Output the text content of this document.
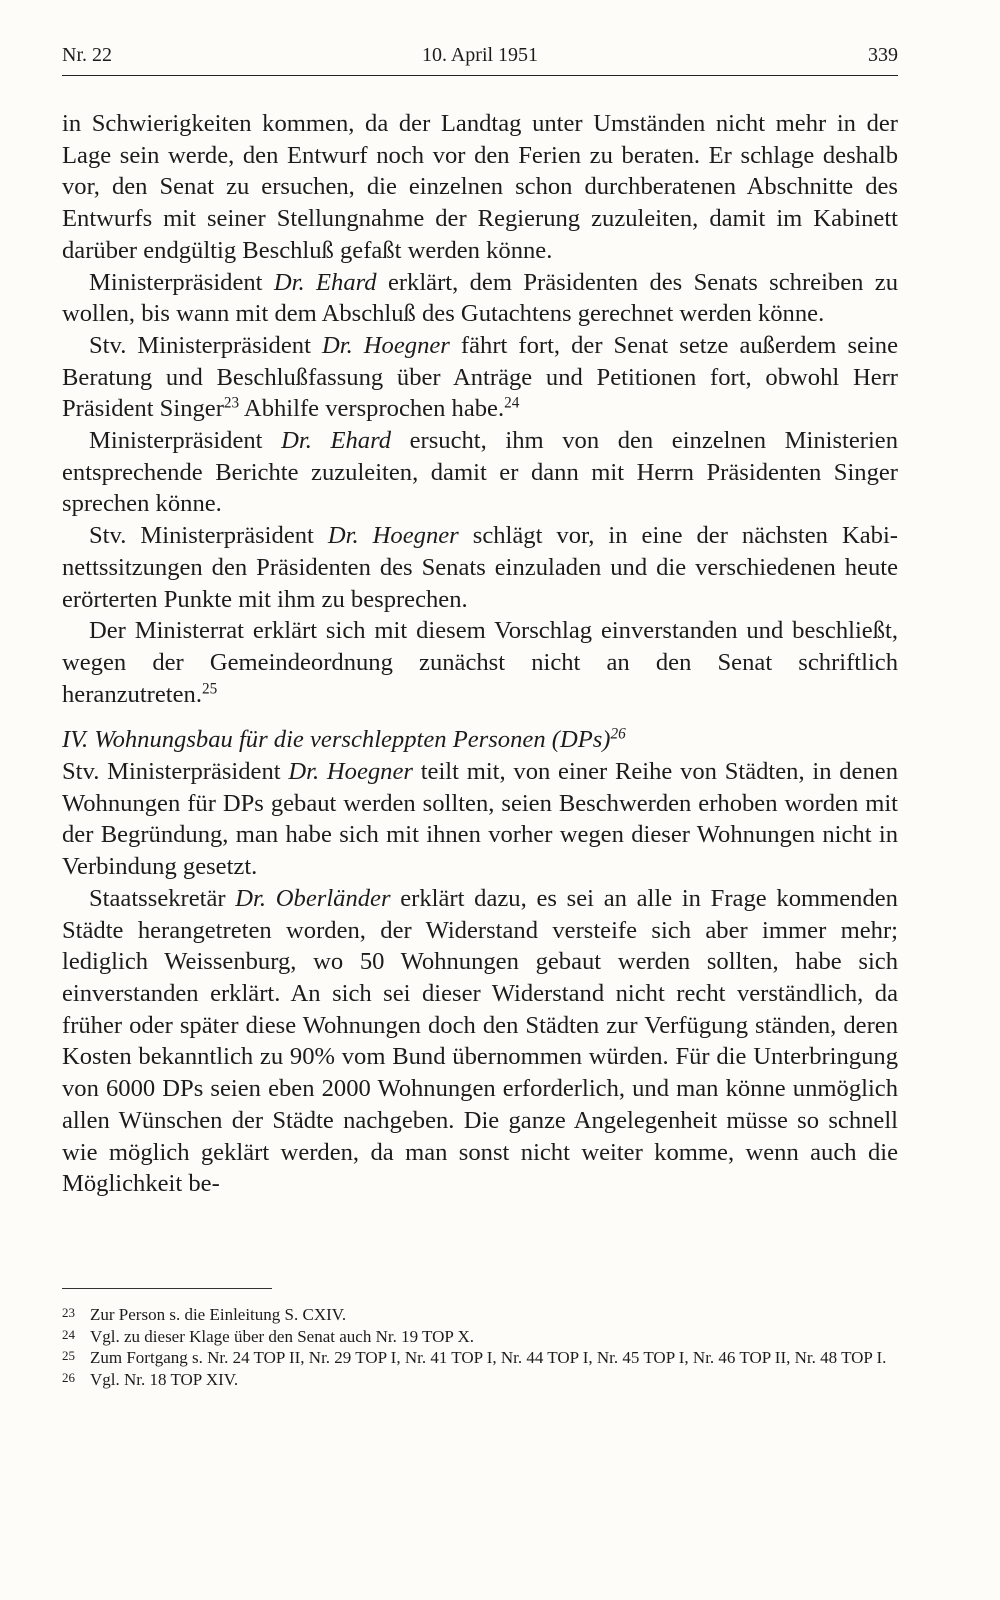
Nr. 22	10. April 1951	339

in Schwierigkeiten kommen, da der Landtag unter Umständen nicht mehr in der Lage sein werde, den Entwurf noch vor den Ferien zu beraten. Er schlage deshalb vor, den Senat zu ersuchen, die einzelnen schon durchberatenen Abschnitte des Entwurfs mit seiner Stellungnahme der Regierung zuzuleiten, damit im Kabinett darüber endgültig Beschluß gefaßt werden könne.

Ministerpräsident Dr. Ehard erklärt, dem Präsidenten des Senats schreiben zu wollen, bis wann mit dem Abschluß des Gutachtens gerechnet werden könne.

Stv. Ministerpräsident Dr. Hoegner fährt fort, der Senat setze außerdem seine Beratung und Beschlußfassung über Anträge und Petitionen fort, obwohl Herr Präsident Singer$^{23}$ Abhilfe versprochen habe.$^{24}$

Ministerpräsident Dr. Ehard ersucht, ihm von den einzelnen Ministerien entsprechende Berichte zuzuleiten, damit er dann mit Herrn Präsidenten Singer sprechen könne.

Stv. Ministerpräsident Dr. Hoegner schlägt vor, in eine der nächsten Kabinettssitzungen den Präsidenten des Senats einzuladen und die verschiedenen heute erörterten Punkte mit ihm zu besprechen.

Der Ministerrat erklärt sich mit diesem Vorschlag einverstanden und beschließt, wegen der Gemeindeordnung zunächst nicht an den Senat schriftlich heranzutreten.$^{25}$

IV. Wohnungsbau für die verschleppten Personen (DPs)$^{26}$

Stv. Ministerpräsident Dr. Hoegner teilt mit, von einer Reihe von Städten, in denen Wohnungen für DPs gebaut werden sollten, seien Beschwerden erhoben worden mit der Begründung, man habe sich mit ihnen vorher wegen dieser Wohnungen nicht in Verbindung gesetzt.

Staatssekretär Dr. Oberländer erklärt dazu, es sei an alle in Frage kommenden Städte herangetreten worden, der Widerstand versteife sich aber immer mehr; lediglich Weissenburg, wo 50 Wohnungen gebaut werden sollten, habe sich einverstanden erklärt. An sich sei dieser Widerstand nicht recht verständlich, da früher oder später diese Wohnungen doch den Städten zur Verfügung ständen, deren Kosten bekanntlich zu 90% vom Bund übernommen würden. Für die Unterbringung von 6000 DPs seien eben 2000 Wohnungen erforderlich, und man könne unmöglich allen Wünschen der Städte nachgeben. Die ganze Angelegenheit müsse so schnell wie möglich geklärt werden, da man sonst nicht weiter komme, wenn auch die Möglichkeit be-

23 Zur Person s. die Einleitung S. CXIV.
24 Vgl. zu dieser Klage über den Senat auch Nr. 19 TOP X.
25 Zum Fortgang s. Nr. 24 TOP II, Nr. 29 TOP I, Nr. 41 TOP I, Nr. 44 TOP I, Nr. 45 TOP I, Nr. 46 TOP II, Nr. 48 TOP I.
26 Vgl. Nr. 18 TOP XIV.
